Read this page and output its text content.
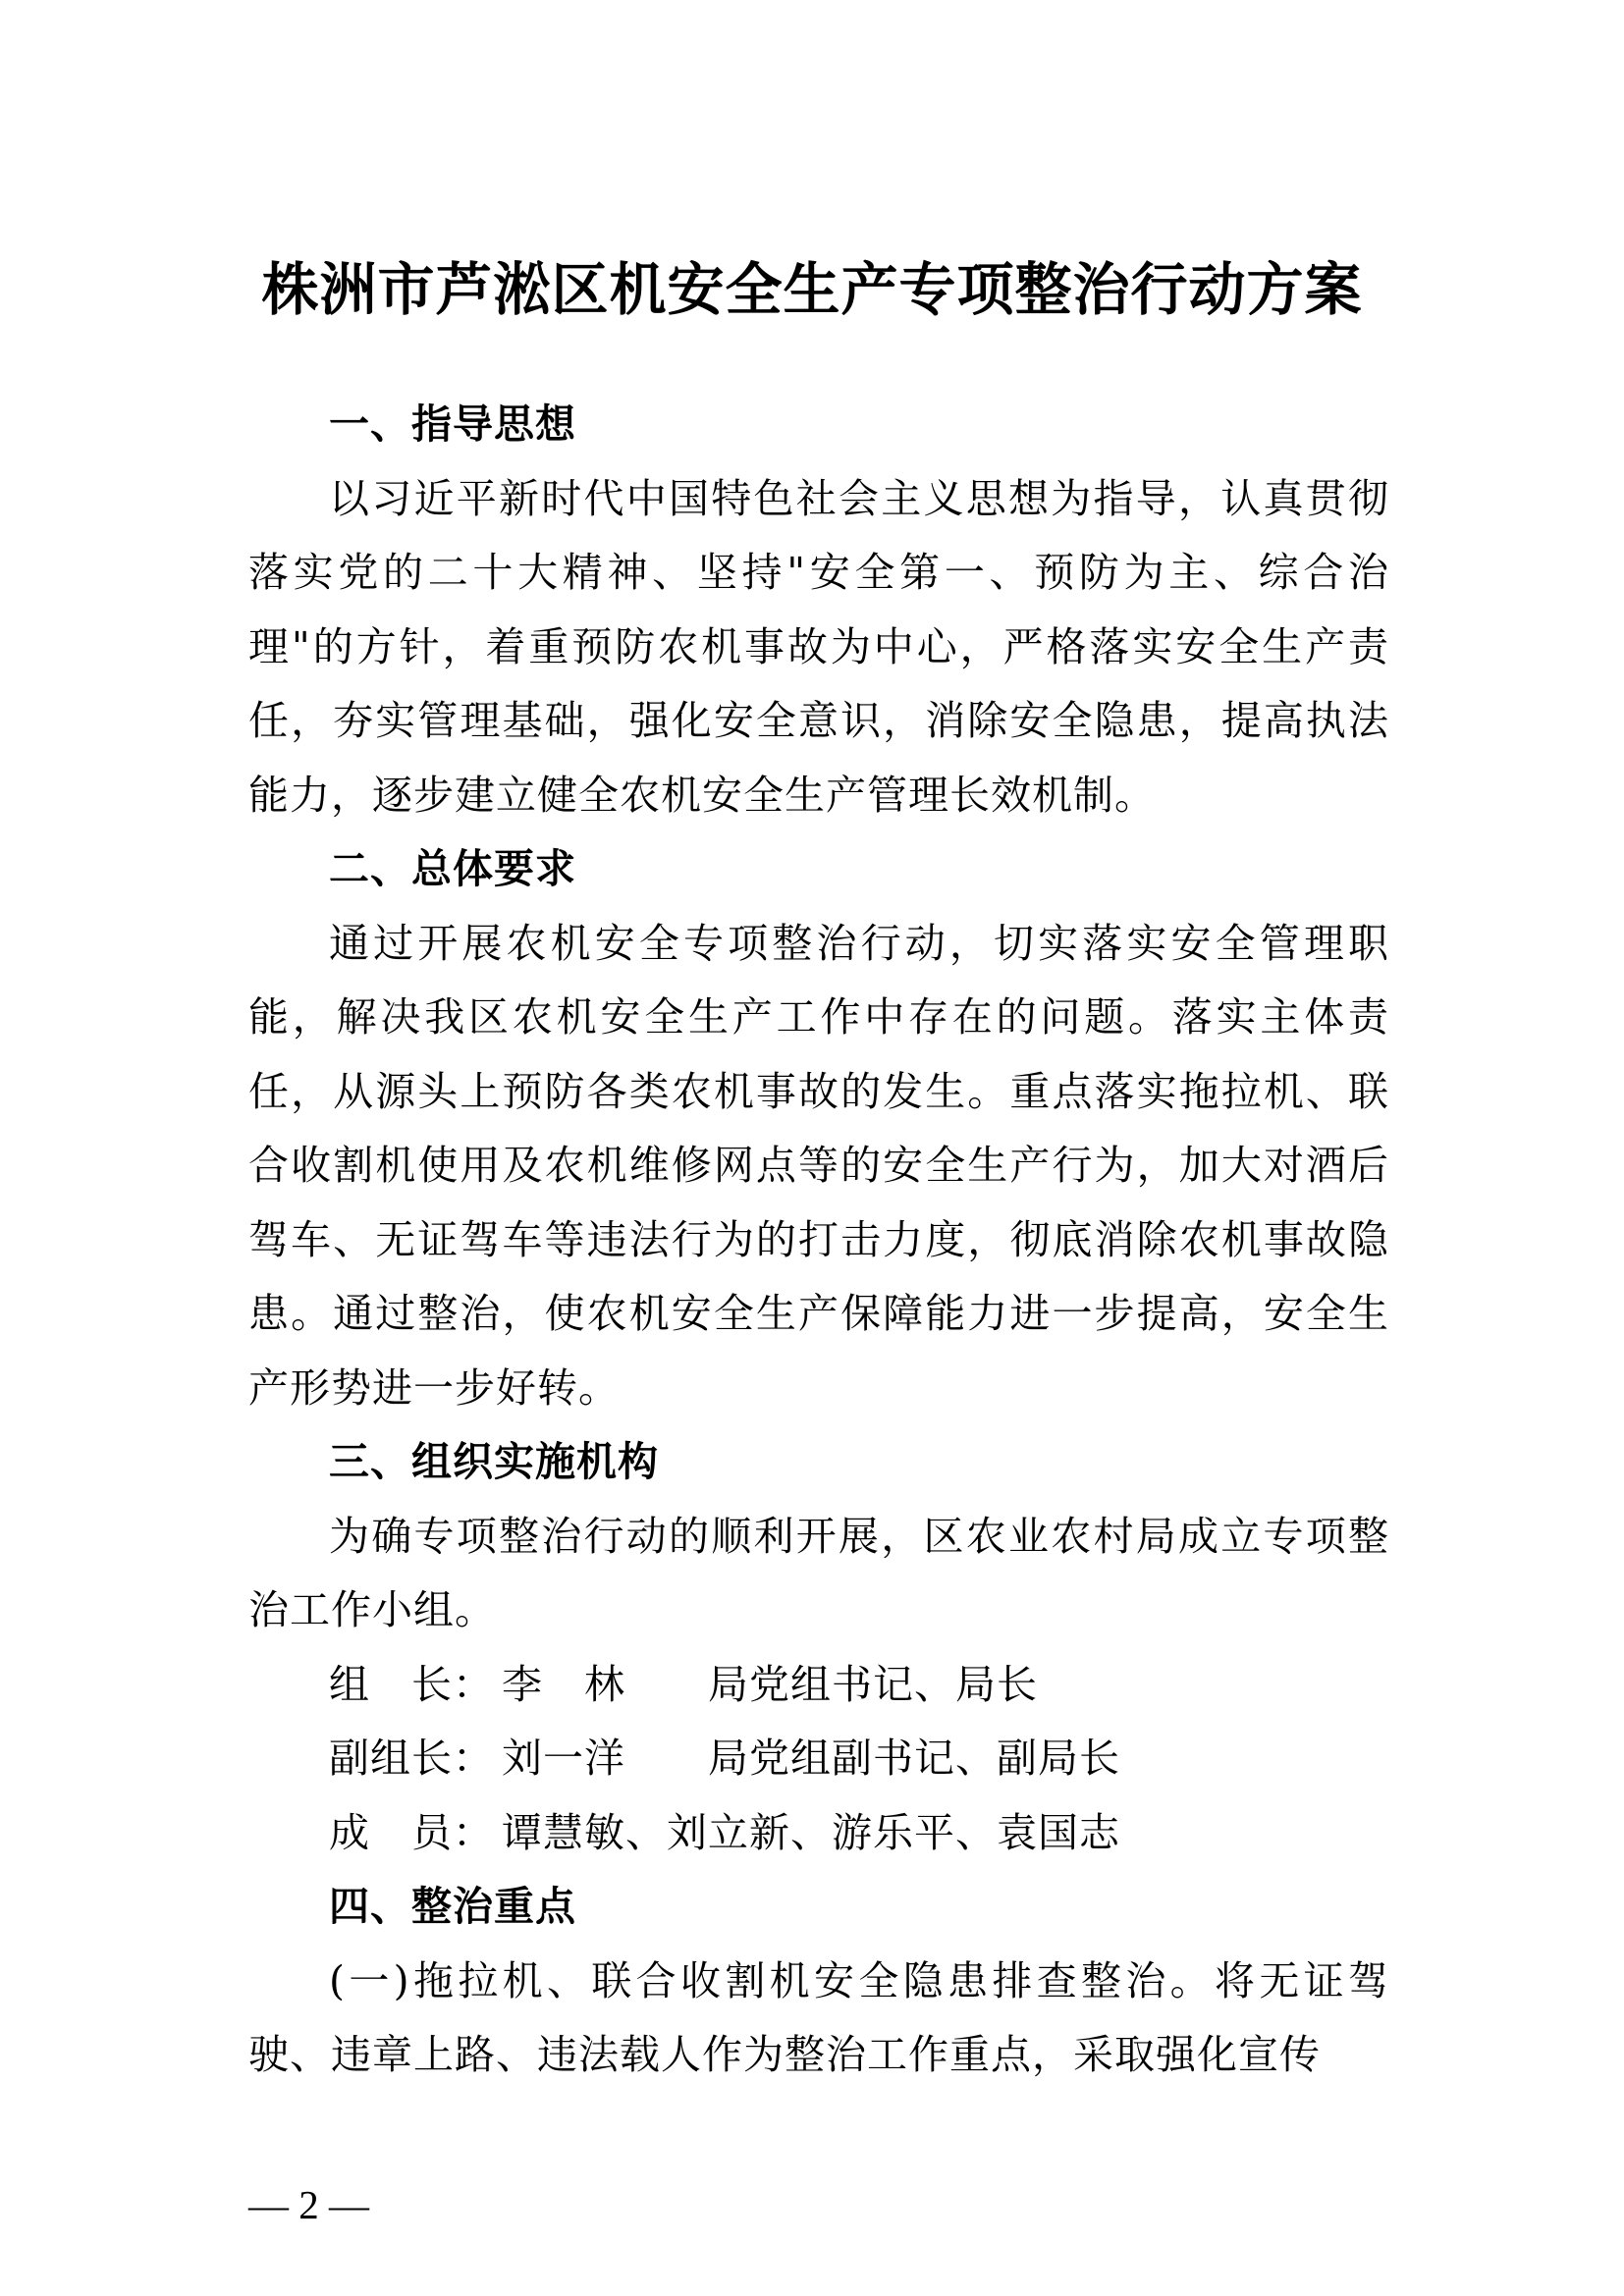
株洲市芦淞区机安全生产专项整治行动方案
一、指导思想

以习近平新时代中国特色社会主义思想为指导，认真贯彻落实党的二十大精神、坚持"安全第一、预防为主、综合治理"的方针，着重预防农机事故为中心，严格落实安全生产责任，夯实管理基础，强化安全意识，消除安全隐患，提高执法能力，逐步建立健全农机安全生产管理长效机制。

二、总体要求

通过开展农机安全专项整治行动，切实落实安全管理职能，解决我区农机安全生产工作中存在的问题。落实主体责任，从源头上预防各类农机事故的发生。重点落实拖拉机、联合收割机使用及农机维修网点等的安全生产行为，加大对酒后驾车、无证驾车等违法行为的打击力度，彻底消除农机事故隐患。通过整治，使农机安全生产保障能力进一步提高，安全生产形势进一步好转。

三、组织实施机构

为确专项整治行动的顺利开展，区农业农村局成立专项整治工作小组。

组　长： 李　林 局党组书记、局长
副组长： 刘一洋 局党组副书记、副局长
成　员： 谭慧敏、刘立新、游乐平、袁国志
四、整治重点

(一)拖拉机、联合收割机安全隐患排查整治。将无证驾驶、违章上路、违法载人作为整治工作重点，采取强化宣传

— 2 —
